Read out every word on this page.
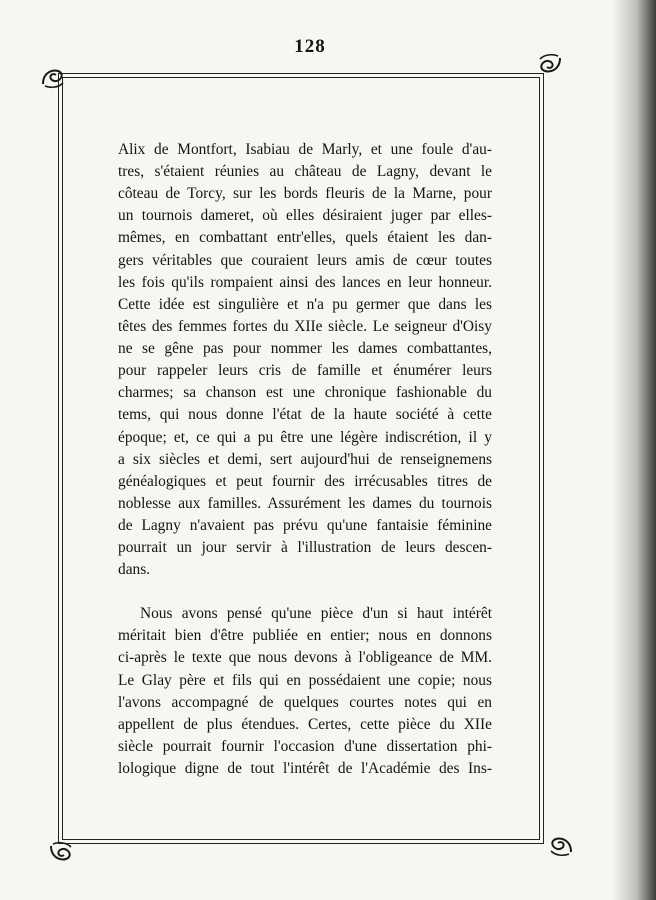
128

Alix de Montfort, Isabiau de Marly, et une foule d'au-

tres, s'étaient réunies au château de Lagny, devant le

côteau de Torcy, sur les bords fleuris de la Marne, pour

un tournois dameret, où elles désiraient juger par elles-

mêmes, en combattant entr'elles, quels étaient les dan-

gers véritables que couraient leurs amis de cœur toutes

les fois qu'ils rompaient ainsi des lances en leur honneur.

Cette idée est singulière et n'a pu germer que dans les

têtes des femmes fortes du XIIe siècle. Le seigneur d'Oisy

ne se gêne pas pour nommer les dames combattantes,

pour rappeler leurs cris de famille et énumérer leurs

charmes; sa chanson est une chronique fashionable du

tems, qui nous donne l'état de la haute société à cette

époque; et, ce qui a pu être une légère indiscrétion, il y

a six siècles et demi, sert aujourd'hui de renseignemens

généalogiques et peut fournir des irrécusables titres de

noblesse aux familles. Assurément les dames du tournois

de Lagny n'avaient pas prévu qu'une fantaisie féminine

pourrait un jour servir à l'illustration de leurs descen-

dans.

Nous avons pensé qu'une pièce d'un si haut intérêt

méritait bien d'être publiée en entier; nous en donnons

ci-après le texte que nous devons à l'obligeance de MM.

Le Glay père et fils qui en possédaient une copie; nous

l'avons accompagné de quelques courtes notes qui en

appellent de plus étendues. Certes, cette pièce du XIIe

siècle pourrait fournir l'occasion d'une dissertation phi-

lologique digne de tout l'intérêt de l'Académie des Ins-
